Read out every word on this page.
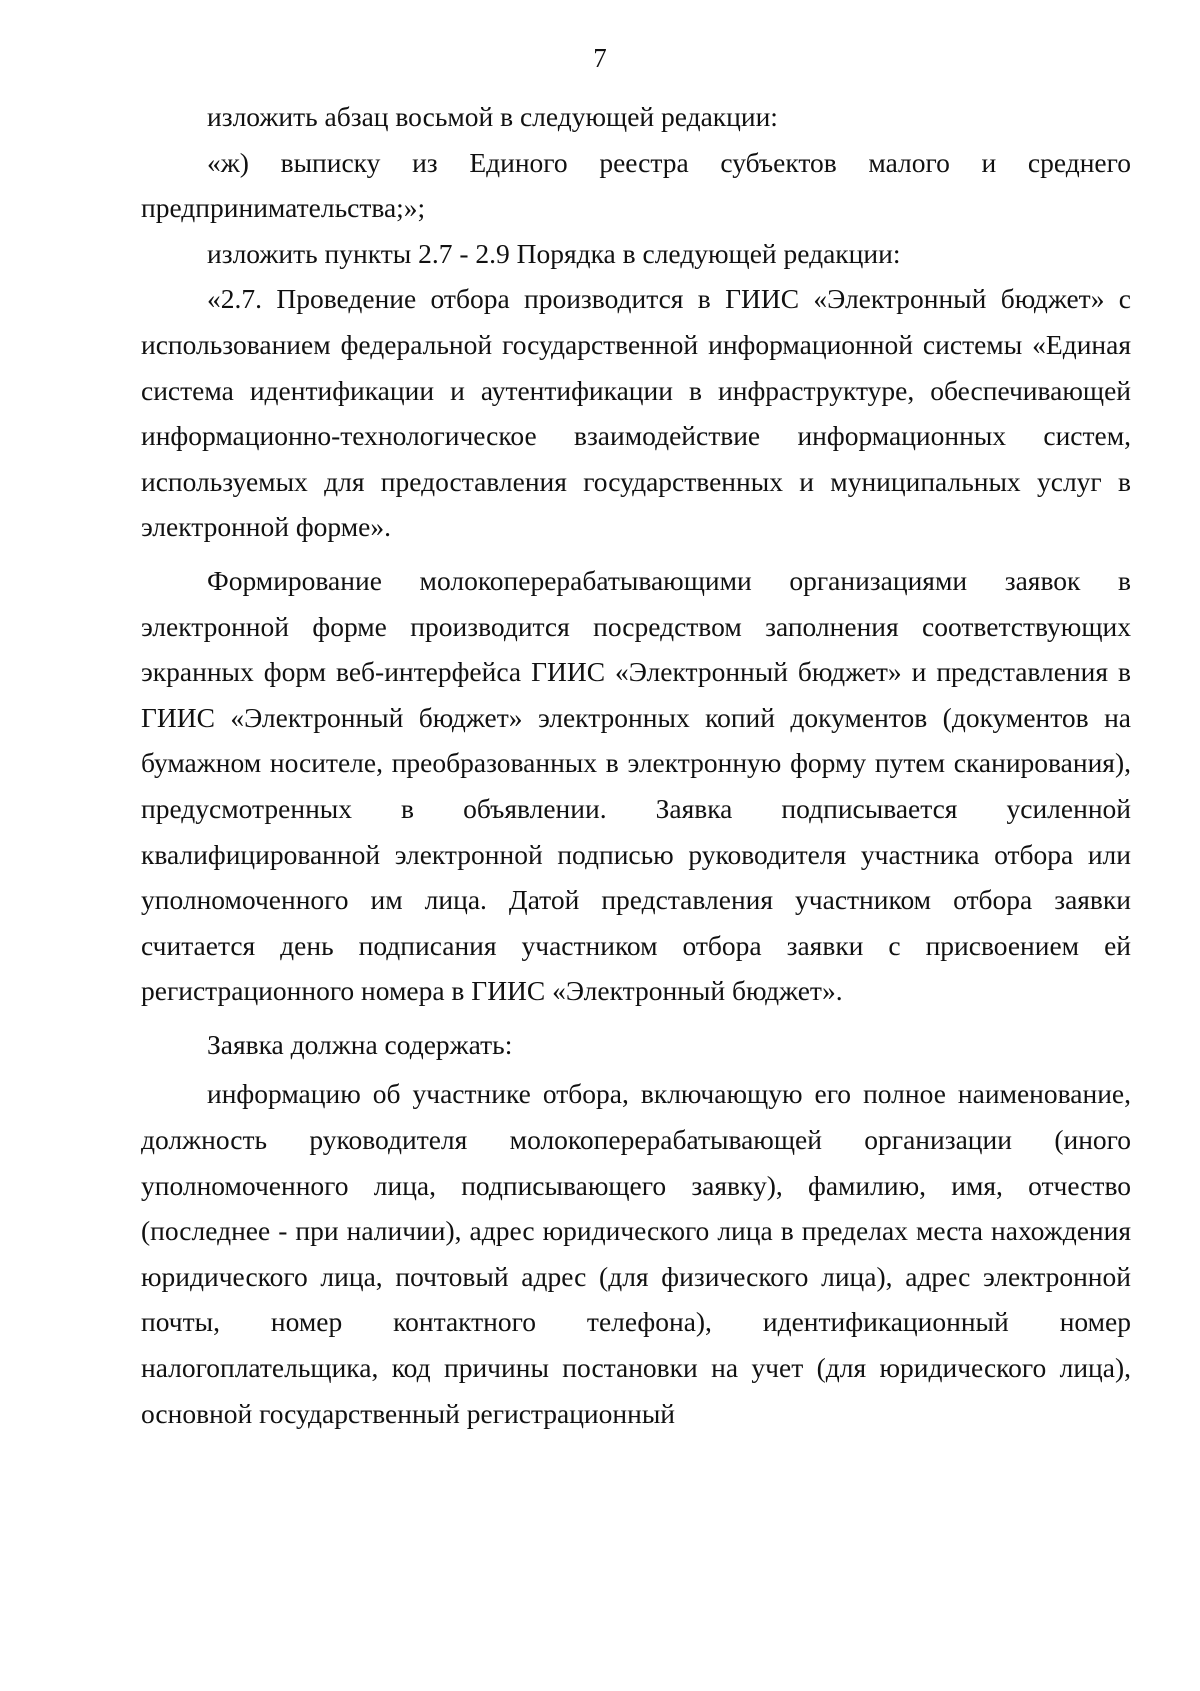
7

изложить абзац восьмой в следующей редакции:

«ж) выписку из Единого реестра субъектов малого и среднего предпринимательства;»;

изложить пункты 2.7 - 2.9 Порядка в следующей редакции:

«2.7. Проведение отбора производится в ГИИС «Электронный бюджет» с использованием федеральной государственной информационной системы «Единая система идентификации и аутентификации в инфраструктуре, обеспечивающей информационно-технологическое взаимодействие информационных систем, используемых для предоставления государственных и муниципальных услуг в электронной форме».

Формирование молокоперерабатывающими организациями заявок в электронной форме производится посредством заполнения соответствующих экранных форм веб-интерфейса ГИИС «Электронный бюджет» и представления в ГИИС «Электронный бюджет» электронных копий документов (документов на бумажном носителе, преобразованных в электронную форму путем сканирования), предусмотренных в объявлении. Заявка подписывается усиленной квалифицированной электронной подписью руководителя участника отбора или уполномоченного им лица. Датой представления участником отбора заявки считается день подписания участником отбора заявки с присвоением ей регистрационного номера в ГИИС «Электронный бюджет».

Заявка должна содержать:

информацию об участнике отбора, включающую его полное наименование, должность руководителя молокоперерабатывающей организации (иного уполномоченного лица, подписывающего заявку), фамилию, имя, отчество (последнее - при наличии), адрес юридического лица в пределах места нахождения юридического лица, почтовый адрес (для физического лица), адрес электронной почты, номер контактного телефона), идентификационный номер налогоплательщика, код причины постановки на учет (для юридического лица), основной государственный регистрационный
